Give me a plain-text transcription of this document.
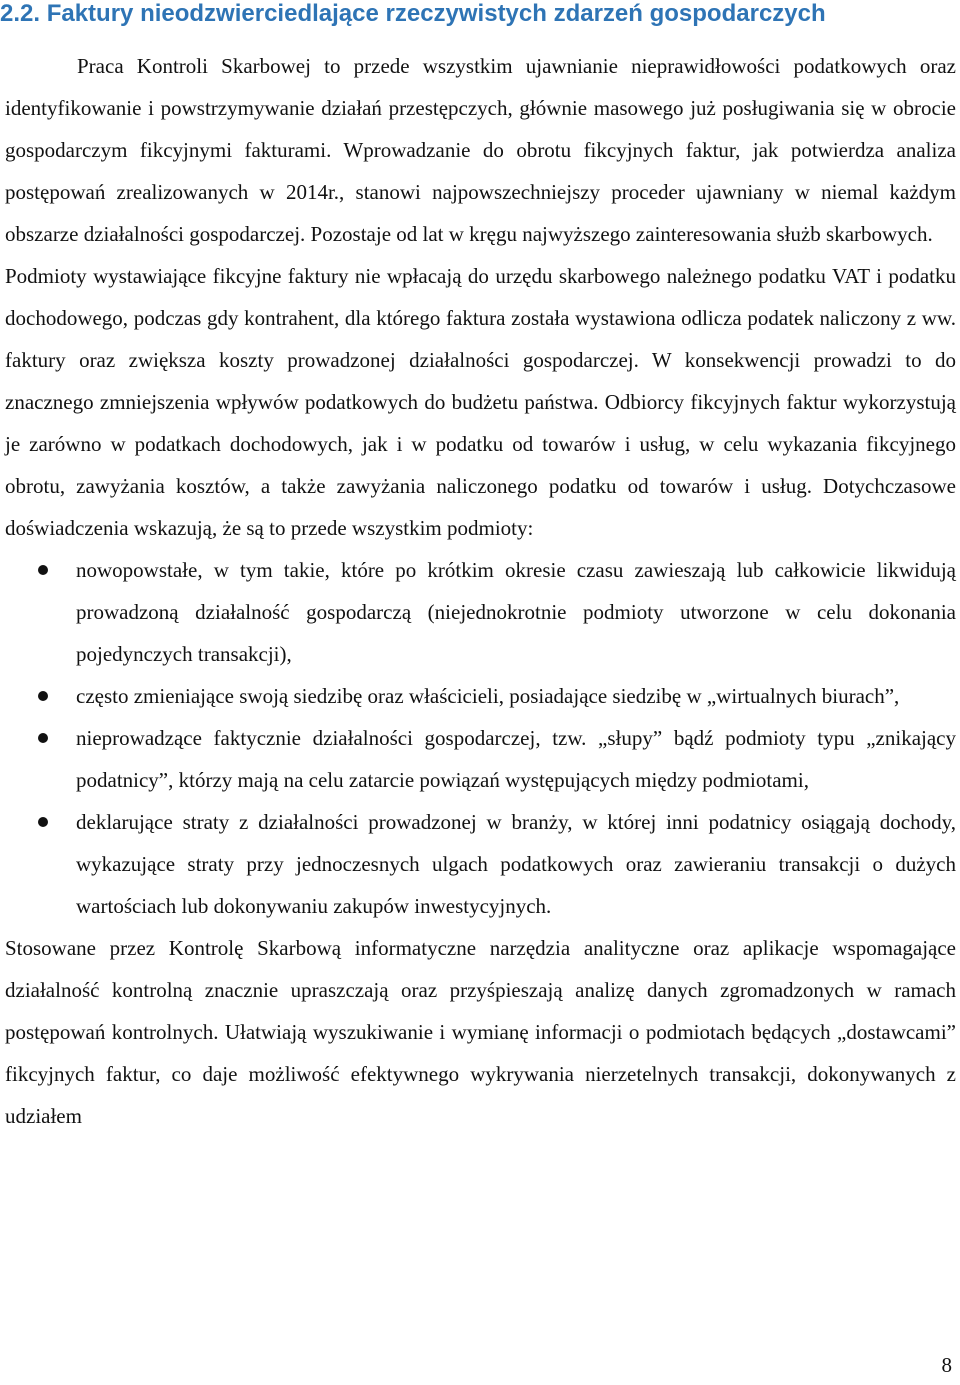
2.2. Faktury nieodzwierciedlające rzeczywistych zdarzeń gospodarczych

Praca Kontroli Skarbowej to przede wszystkim ujawnianie nieprawidłowości podatkowych oraz identyfikowanie i powstrzymywanie działań przestępczych, głównie masowego już posługiwania się w obrocie gospodarczym fikcyjnymi fakturami. Wprowadzanie do obrotu fikcyjnych faktur, jak potwierdza analiza postępowań zrealizowanych w 2014r., stanowi najpowszechniejszy proceder ujawniany w niemal każdym obszarze działalności gospodarczej. Pozostaje od lat w kręgu najwyższego zainteresowania służb skarbowych.

Podmioty wystawiające fikcyjne faktury nie wpłacają do urzędu skarbowego należnego podatku VAT i podatku dochodowego, podczas gdy kontrahent, dla którego faktura została wystawiona odlicza podatek naliczony z ww. faktury oraz zwiększa koszty prowadzonej działalności gospodarczej. W konsekwencji prowadzi to do znacznego zmniejszenia wpływów podatkowych do budżetu państwa. Odbiorcy fikcyjnych faktur wykorzystują je zarówno w podatkach dochodowych, jak i w podatku od towarów i usług, w celu wykazania fikcyjnego obrotu, zawyżania kosztów, a także zawyżania naliczonego podatku od towarów i usług. Dotychczasowe doświadczenia wskazują, że są to przede wszystkim podmioty:

nowopowstałe, w tym takie, które po krótkim okresie czasu zawieszają lub całkowicie likwidują prowadzoną działalność gospodarczą (niejednokrotnie podmioty utworzone w celu dokonania pojedynczych transakcji),
często zmieniające swoją siedzibę oraz właścicieli, posiadające siedzibę w „wirtualnych biurach”,
nieprowadzące faktycznie działalności gospodarczej, tzw. „słupy” bądź podmioty typu „znikający podatnicy”, którzy mają na celu zatarcie powiązań występujących między podmiotami,
deklarujące straty z działalności prowadzonej w branży, w której inni podatnicy osiągają dochody, wykazujące straty przy jednoczesnych ulgach podatkowych oraz zawieraniu transakcji o dużych wartościach lub dokonywaniu zakupów inwestycyjnych.

Stosowane przez Kontrolę Skarbową informatyczne narzędzia analityczne oraz aplikacje wspomagające działalność kontrolną znacznie upraszczają oraz przyśpieszają analizę danych zgromadzonych w ramach postępowań kontrolnych. Ułatwiają wyszukiwanie i wymianę informacji o podmiotach będących „dostawcami” fikcyjnych faktur, co daje możliwość efektywnego wykrywania nierzetelnych transakcji, dokonywanych z udziałem

8
